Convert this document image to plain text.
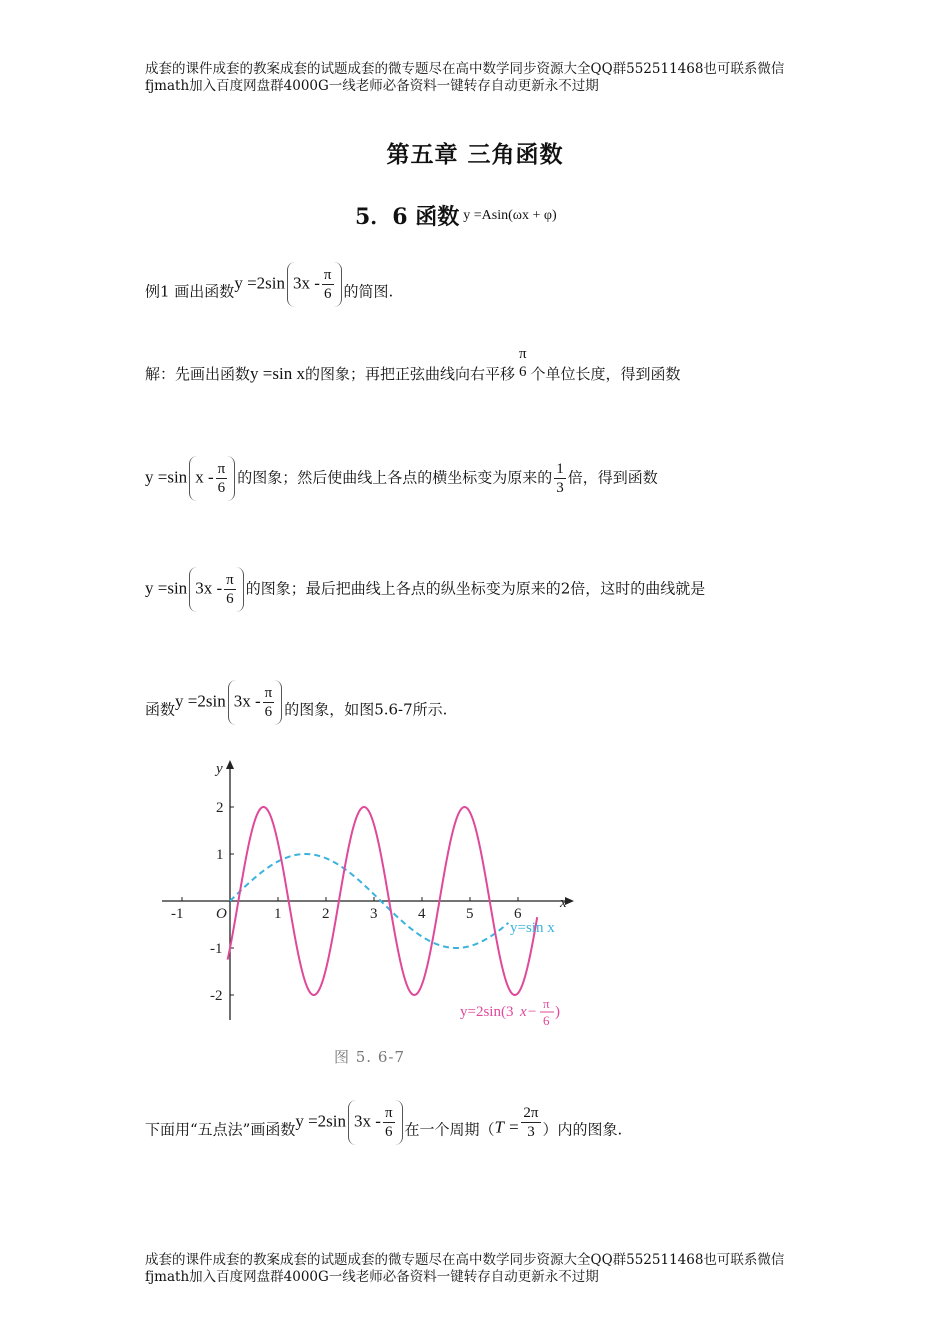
成套的课件成套的教案成套的试题成套的微专题尽在高中数学同步资源大全QQ群552511468也可联系微信fjmath加入百度网盘群4000G一线老师必备资料一键转存自动更新永不过期
第五章 三角函数
5．6 函数 $^{y =Asin(\omega x + \varphi)}$
例1 画出函数y =2sin $3x - \frac{\pi}{6}$ 的简图.
解：先画出函数y =sin x的图象；再把正弦曲线向右平移
π
6 个单位长度，得到函数
y =sin x - $\frac{\pi}{6}$ 的图象；然后使曲线上各点的横坐标变为原来的 $\frac{1}{3}$ 倍，得到函数
y =sin $3x - \frac{\pi}{6}$ 的图象；最后把曲线上各点的纵坐标变为原来的2倍，这时的曲线就是
函数y =2sin $3x - \frac{\pi}{6}$ 的图象，如图5.6-7所示.
-1 O	1	2	3	4	5	6
2
1
-1
-2
x
y
y=sin x
y=2sin(3 x −
π
6
)
图 5. 6-7
下面用“五点法”画函数y =2sin $3x - \frac{\pi}{6}$ 在一个周期（$T = \frac{2\pi}{3}$ ）内的图象.
成套的课件成套的教案成套的试题成套的微专题尽在高中数学同步资源大全QQ群552511468也可联系微信fjmath加入百度网盘群4000G一线老师必备资料一键转存自动更新永不过期
